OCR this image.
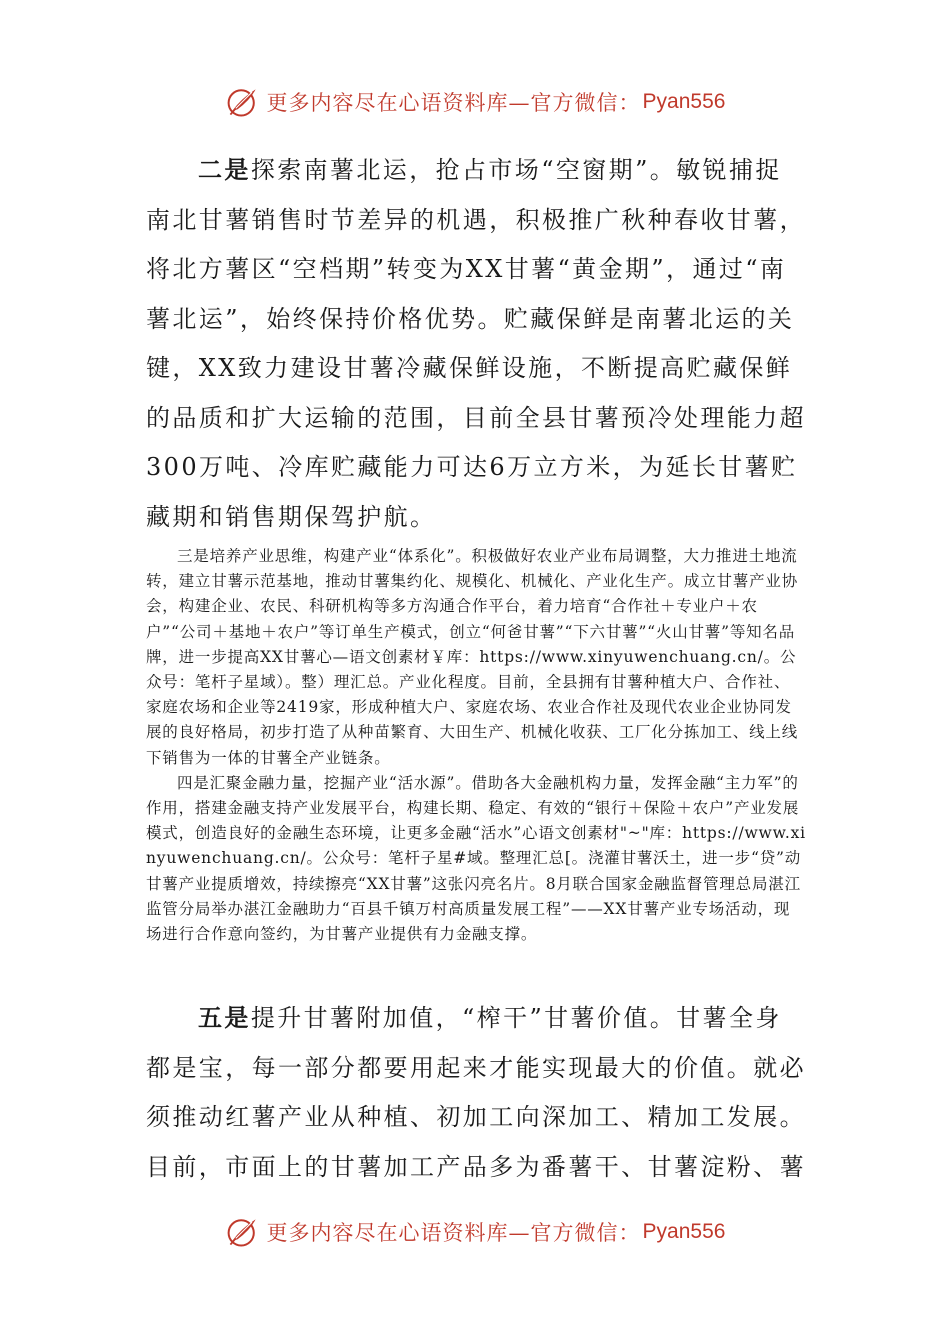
更多内容尽在心语资料库—官方微信： Pyan556

二是探索南薯北运，抢占市场“空窗期”。敏锐捕捉南北甘薯销售时节差异的机遇，积极推广秋种春收甘薯，将北方薯区“空档期”转变为XX甘薯“黄金期”，通过“南薯北运”，始终保持价格优势。贮藏保鲜是南薯北运的关键，XX致力建设甘薯冷藏保鲜设施，不断提高贮藏保鲜的品质和扩大运输的范围，目前全县甘薯预冷处理能力超300万吨、冷库贮藏能力可达6万立方米，为延长甘薯贮藏期和销售期保驾护航。

三是培养产业思维，构建产业“体系化”。积极做好农业产业布局调整，大力推进土地流转，建立甘薯示范基地，推动甘薯集约化、规模化、机械化、产业化生产。成立甘薯产业协会，构建企业、农民、科研机构等多方沟通合作平台，着力培育“合作社＋专业户＋农户”“公司＋基地＋农户”等订单生产模式，创立“何爸甘薯”“下六甘薯”“火山甘薯”等知名品牌，进一步提高XX甘薯心—语文创素材￥库：https://www.xinyuwenchuang.cn/。公众号：笔杆子星域）。整）理汇总。产业化程度。目前，全县拥有甘薯种植大户、合作社、家庭农场和企业等2419家，形成种植大户、家庭农场、农业合作社及现代农业企业协同发展的良好格局，初步打造了从种苗繁育、大田生产、机械化收获、工厂化分拣加工、线上线下销售为一体的甘薯全产业链条。

四是汇聚金融力量，挖掘产业“活水源”。借助各大金融机构力量，发挥金融“主力军”的作用，搭建金融支持产业发展平台，构建长期、稳定、有效的“银行＋保险＋农户”产业发展模式，创造良好的金融生态环境，让更多金融“活水”心语文创素材"~"库：https://www.xinyuwenchuang.cn/。公众号：笔杆子星#域。整理汇总[。浇灌甘薯沃土，进一步“贷”动甘薯产业提质增效，持续擦亮“XX甘薯”这张闪亮名片。8月联合国家金融监督管理总局湛江监管分局举办湛江金融助力“百县千镇万村高质量发展工程”——XX甘薯产业专场活动，现场进行合作意向签约，为甘薯产业提供有力金融支撑。

五是提升甘薯附加值，“榨干”甘薯价值。甘薯全身都是宝，每一部分都要用起来才能实现最大的价值。就必须推动红薯产业从种植、初加工向深加工、精加工发展。目前，市面上的甘薯加工产品多为番薯干、甘薯淀粉、薯

更多内容尽在心语资料库—官方微信： Pyan556
